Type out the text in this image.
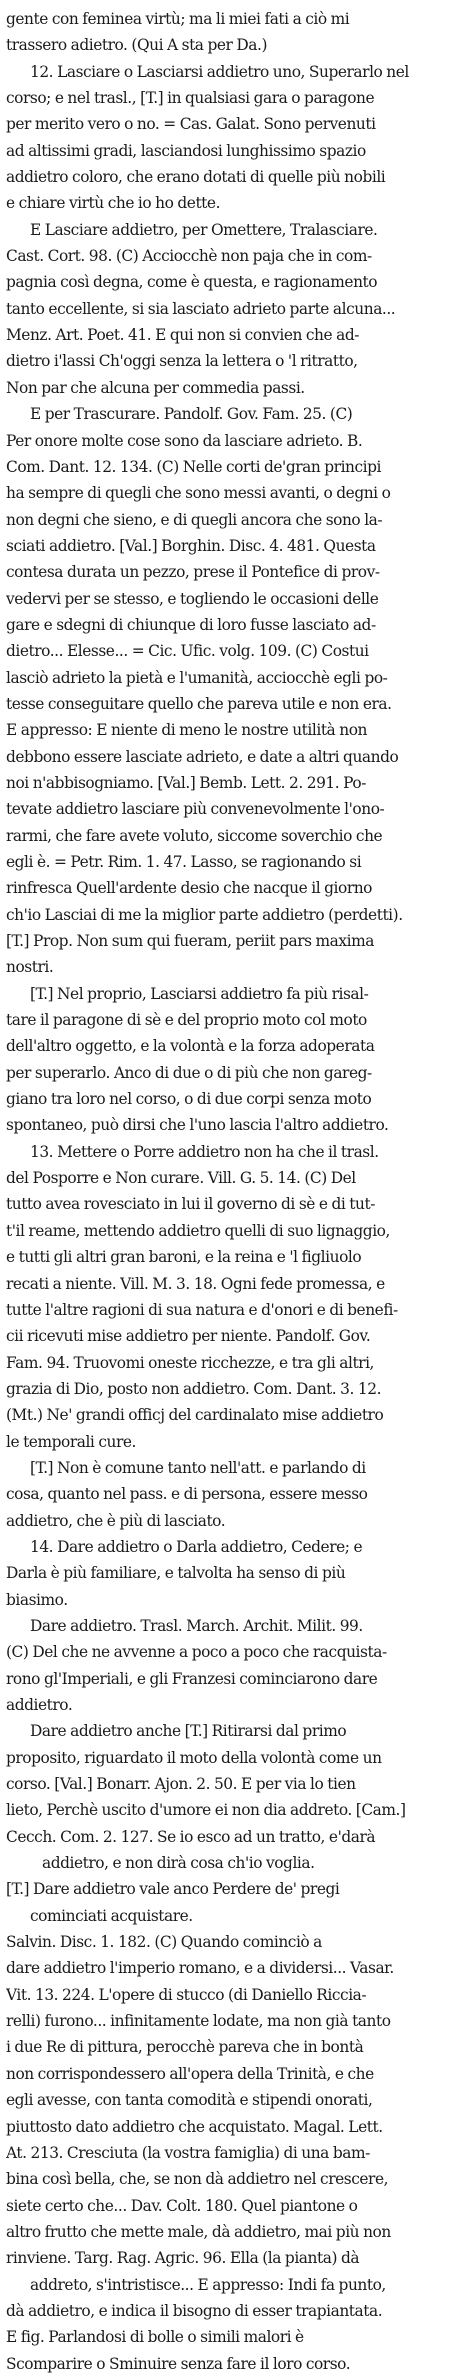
gente con feminea virtù; ma li miei fati a ciò mi
trassero adietro. (Qui A sta per Da.)
12. Lasciare o Lasciarsi addietro uno, Superarlo nel
corso; e nel trasl., [T.] in qualsiasi gara o paragone
per merito vero o no. = Cas. Galat. Sono pervenuti
ad altissimi gradi, lasciandosi lunghissimo spazio
addietro coloro, che erano dotati di quelle più nobili
e chiare virtù che io ho dette.
E Lasciare addietro, per Omettere, Tralasciare.
Cast. Cort. 98. (C) Acciocchè non paja che in com-
pagnia così degna, come è questa, e ragionamento
tanto eccellente, si sia lasciato adrieto parte alcuna...
Menz. Art. Poet. 41. E qui non si convien che ad-
dietro i'lassi Ch'oggi senza la lettera o 'l ritratto,
Non par che alcuna per commedia passi.
E per Trascurare. Pandolf. Gov. Fam. 25. (C)
Per onore molte cose sono da lasciare adrieto. B.
Com. Dant. 12. 134. (C) Nelle corti de'gran principi
ha sempre di quegli che sono messi avanti, o degni o
non degni che sieno, e di quegli ancora che sono la-
sciati addietro. [Val.] Borghin. Disc. 4. 481. Questa
contesa durata un pezzo, prese il Pontefice di prov-
vedervi per se stesso, e togliendo le occasioni delle
gare e sdegni di chiunque di loro fusse lasciato ad-
dietro... Elesse... = Cic. Ufic. volg. 109. (C) Costui
lasciò adrieto la pietà e l'umanità, acciocchè egli po-
tesse conseguitare quello che pareva utile e non era.
E appresso: E niente di meno le nostre utilità non
debbono essere lasciate adrieto, e date a altri quando
noi n'abbisogniamo. [Val.] Bemb. Lett. 2. 291. Po-
tevate addietro lasciare più convenevolmente l'ono-
rarmi, che fare avete voluto, siccome soverchio che
egli è. = Petr. Rim. 1. 47. Lasso, se ragionando si
rinfresca Quell'ardente desio che nacque il giorno
ch'io Lasciai di me la miglior parte addietro (perdetti).
[T.] Prop. Non sum qui fueram, periit pars maxima
nostri.
[T.] Nel proprio, Lasciarsi addietro fa più risal-
tare il paragone di sè e del proprio moto col moto
dell'altro oggetto, e la volontà e la forza adoperata
per superarlo. Anco di due o di più che non gareg-
giano tra loro nel corso, o di due corpi senza moto
spontaneo, può dirsi che l'uno lascia l'altro addietro.
13. Mettere o Porre addietro non ha che il trasl.
del Posporre e Non curare. Vill. G. 5. 14. (C) Del
tutto avea rovesciato in lui il governo di sè e di tut-
t'il reame, mettendo addietro quelli di suo lignaggio,
e tutti gli altri gran baroni, e la reina e 'l figliuolo
recati a niente. Vill. M. 3. 18. Ogni fede promessa, e
tutte l'altre ragioni di sua natura e d'onori e di benefi-
cii ricevuti mise addietro per niente. Pandolf. Gov.
Fam. 94. Truovomi oneste ricchezze, e tra gli altri,
grazia di Dio, posto non addietro. Com. Dant. 3. 12.
(Mt.) Ne' grandi officj del cardinalato mise addietro
le temporali cure.
[T.] Non è comune tanto nell'att. e parlando di
cosa, quanto nel pass. e di persona, essere messo
addietro, che è più di lasciato.
14. Dare addietro o Darla addietro, Cedere; e
Darla è più familiare, e talvolta ha senso di più
biasimo.
Dare addietro. Trasl. March. Archit. Milit. 99.
(C) Del che ne avvenne a poco a poco che racquista-
rono gl'Imperiali, e gli Franzesi cominciarono dare
addietro.
Dare addietro anche [T.] Ritirarsi dal primo
proposito, riguardato il moto della volontà come un
corso. [Val.] Bonarr. Ajon. 2. 50. E per via lo tien
lieto, Perchè uscito d'umore ei non dia addreto. [Cam.]
Cecch. Com. 2. 127. Se io esco ad un tratto, e'darà
addietro, e non dirà cosa ch'io voglia.
[T.] Dare addietro vale anco Perdere de' pregi
cominciati acquistare.
Salvin. Disc. 1. 182. (C) Quando cominciò a
dare addietro l'imperio romano, e a dividersi... Vasar.
Vit. 13. 224. L'opere di stucco (di Daniello Ricciа-
relli) furono... infinitamente lodate, ma non già tanto
i due Re di pittura, perocchè pareva che in bontà
non corrispondessero all'opera della Trinità, e che
egli avesse, con tanta comodità e stipendi onorati,
piuttosto dato addietro che acquistato. Magal. Lett.
At. 213. Cresciuta (la vostra famiglia) di una bam-
bina così bella, che, se non dà addietro nel crescere,
siete certo che... Dav. Colt. 180. Quel piantone o
altro frutto che mette male, dà addietro, mai più non
rinviene. Targ. Rag. Agric. 96. Ella (la pianta) dà
addreto, s'intristisce... E appresso: Indi fa punto,
dà addietro, e indica il bisogno di esser trapiantata.
E fig. Parlandosi di bolle o simili malori è
Scomparire o Sminuire senza fare il loro corso.
